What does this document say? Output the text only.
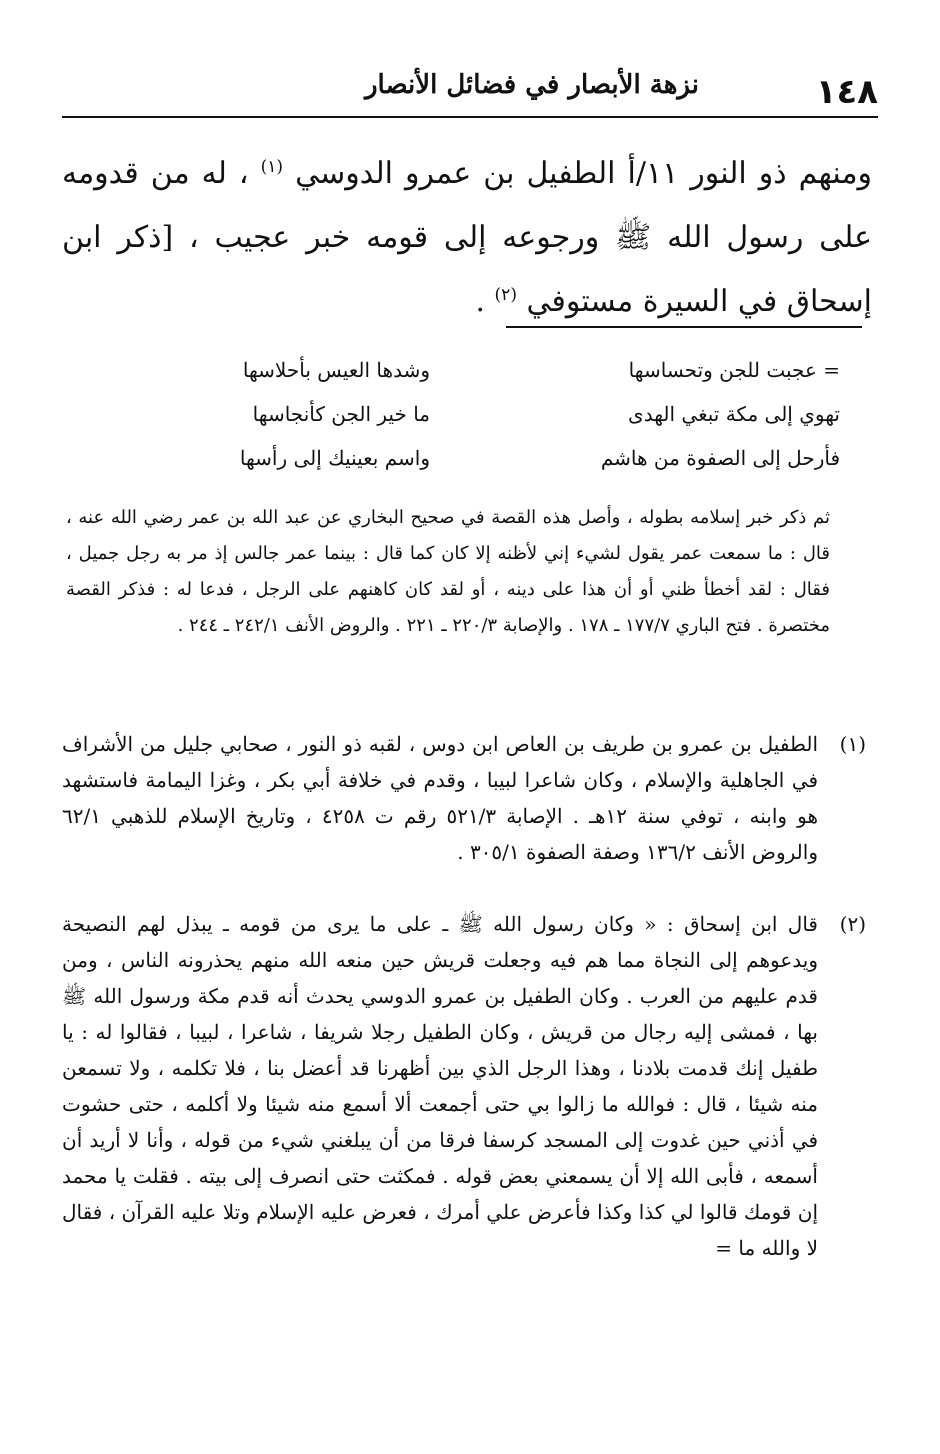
نزهة الأبصار في فضائل الأنصار	١٤٨

ومنهم ذو النور ١١/أ الطفيل بن عمرو الدوسي $^{(١)}$ ، له من قدومه على رسول الله ﷺ ورجوعه إلى قومه خبر عجيب ، [ذكر ابن إسحاق في السيرة مستوفي $^{(٢)}$ .

= عجبت للجن وتحساسها
وشدها العيس بأحلاسها
تهوي إلى مكة تبغي الهدى
ما خير الجن كأنجاسها
فأرحل إلى الصفوة من هاشم
واسم بعينيك إلى رأسها

ثم ذكر خبر إسلامه بطوله ، وأصل هذه القصة في صحيح البخاري عن عبد الله بن عمر رضي الله عنه ، قال : ما سمعت عمر يقول لشيء إني لأظنه إلا كان كما قال : بينما عمر جالس إذ مر به رجل جميل ، فقال : لقد أخطأ ظني أو أن هذا على دينه ، أو لقد كان كاهنهم على الرجل ، فدعا له : فذكر القصة مختصرة . فتح الباري ١٧٧/٧ ـ ١٧٨ . والإصابة ٢٢٠/٣ ـ ٢٢١ . والروض الأنف ٢٤٢/١ ـ ٢٤٤ .

(١)
الطفيل بن عمرو بن طريف بن العاص ابن دوس ، لقبه ذو النور ، صحابي جليل من الأشراف في الجاهلية والإسلام ، وكان شاعرا لبيبا ، وقدم في خلافة أبي بكر ، وغزا اليمامة فاستشهد هو وابنه ، توفي سنة ١٢هـ . الإصابة ٥٢١/٣ رقم ت ٤٢٥٨ ، وتاريخ الإسلام للذهبي ٦٢/١ والروض الأنف ١٣٦/٢ وصفة الصفوة ٣٠٥/١ .
(٢)
قال ابن إسحاق : « وكان رسول الله ﷺ ـ على ما يرى من قومه ـ يبذل لهم النصيحة ويدعوهم إلى النجاة مما هم فيه وجعلت قريش حين منعه الله منهم يحذرونه الناس ، ومن قدم عليهم من العرب . وكان الطفيل بن عمرو الدوسي يحدث أنه قدم مكة ورسول الله ﷺ بها ، فمشى إليه رجال من قريش ، وكان الطفيل رجلا شريفا ، شاعرا ، لبيبا ، فقالوا له : يا طفيل إنك قدمت بلادنا ، وهذا الرجل الذي بين أظهرنا قد أعضل بنا ، فلا تكلمه ، ولا تسمعن منه شيئا ، قال : فوالله ما زالوا بي حتى أجمعت ألا أسمع منه شيئا ولا أكلمه ، حتى حشوت في أذني حين غدوت إلى المسجد كرسفا فرقا من أن يبلغني شيء من قوله ، وأنا لا أريد أن أسمعه ، فأبى الله إلا أن يسمعني بعض قوله . فمكثت حتى انصرف إلى بيته . فقلت يا محمد إن قومك قالوا لي كذا وكذا فأعرض علي أمرك ، فعرض عليه الإسلام وتلا عليه القرآن ، فقال لا والله ما =
